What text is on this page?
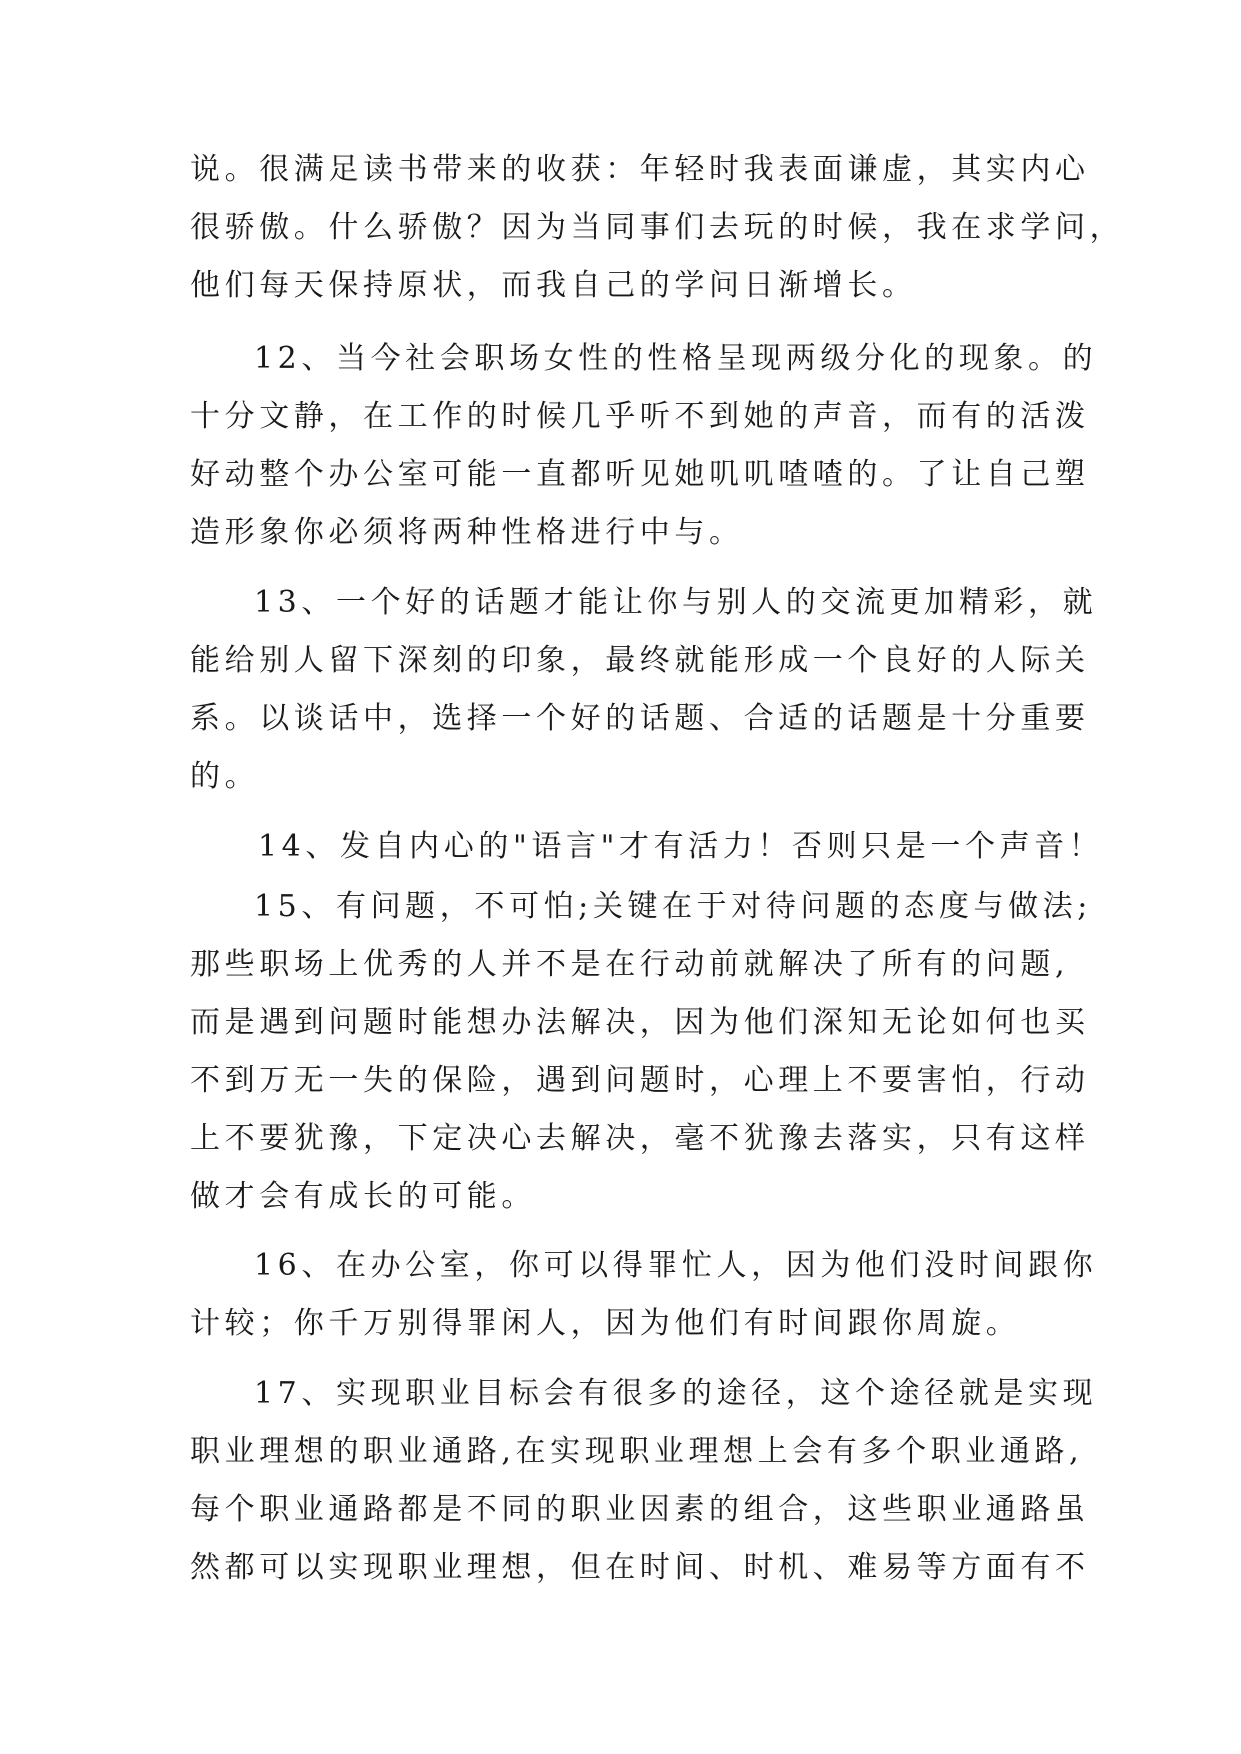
说。很满足读书带来的收获：年轻时我表面谦虚，其实内心
很骄傲。什么骄傲？因为当同事们去玩的时候，我在求学问，
他们每天保持原状，而我自己的学问日渐增长。
12、当今社会职场女性的性格呈现两级分化的现象。的
十分文静，在工作的时候几乎听不到她的声音，而有的活泼
好动整个办公室可能一直都听见她叽叽喳喳的。了让自己塑
造形象你必须将两种性格进行中与。
13、一个好的话题才能让你与别人的交流更加精彩，就
能给别人留下深刻的印象，最终就能形成一个良好的人际关
系。以谈话中，选择一个好的话题、合适的话题是十分重要
的。
14、发自内心的"语言"才有活力！否则只是一个声音！
15、有问题，不可怕;关键在于对待问题的态度与做法;
那些职场上优秀的人并不是在行动前就解决了所有的问题,
而是遇到问题时能想办法解决，因为他们深知无论如何也买
不到万无一失的保险，遇到问题时，心理上不要害怕，行动
上不要犹豫，下定决心去解决，毫不犹豫去落实，只有这样
做才会有成长的可能。
16、在办公室，你可以得罪忙人，因为他们没时间跟你
计较；你千万别得罪闲人，因为他们有时间跟你周旋。
17、实现职业目标会有很多的途径，这个途径就是实现
职业理想的职业通路,在实现职业理想上会有多个职业通路,
每个职业通路都是不同的职业因素的组合，这些职业通路虽
然都可以实现职业理想，但在时间、时机、难易等方面有不
